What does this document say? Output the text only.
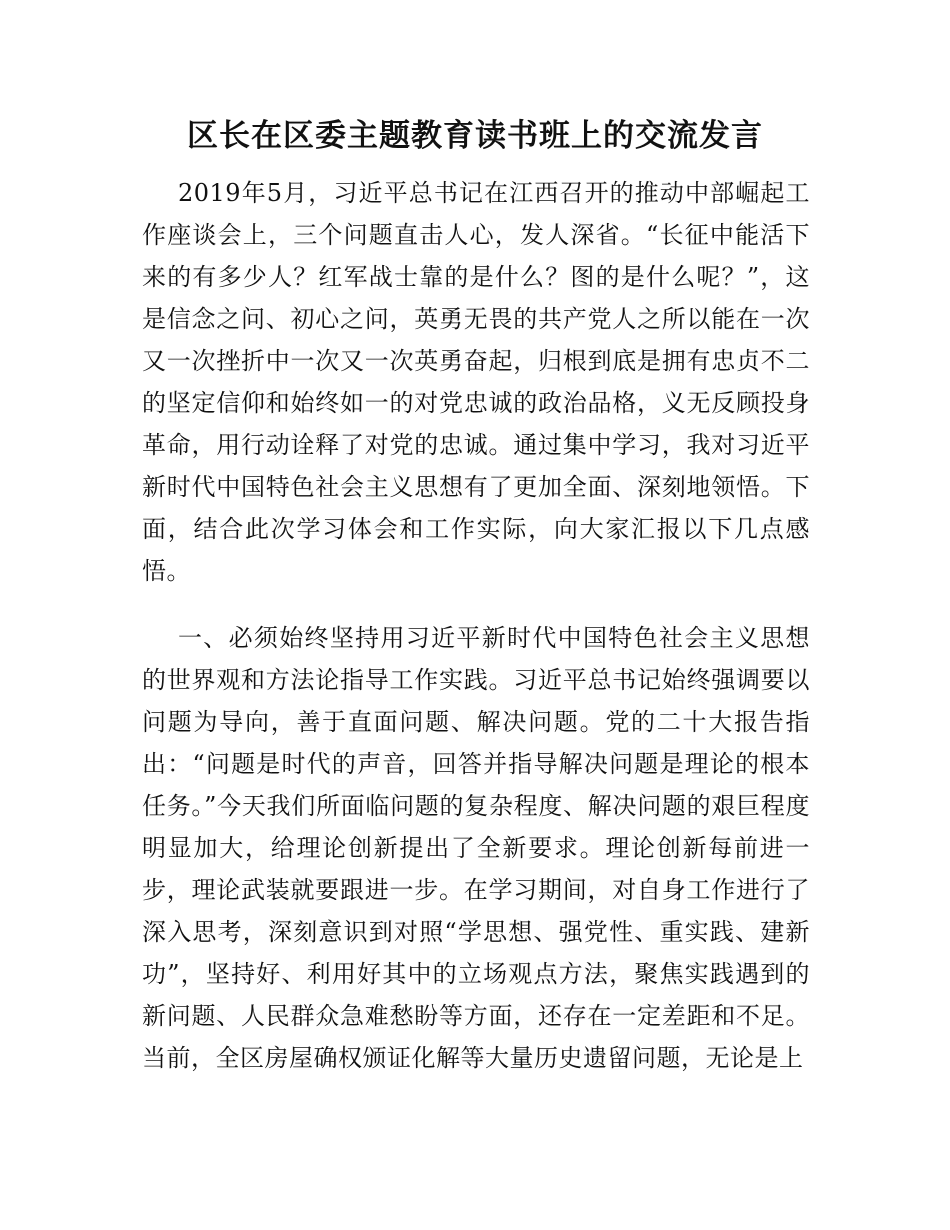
区长在区委主题教育读书班上的交流发言

2019年5月，习近平总书记在江西召开的推动中部崛起工作座谈会上，三个问题直击人心，发人深省。“长征中能活下来的有多少人？红军战士靠的是什么？图的是什么呢？”，这是信念之问、初心之问，英勇无畏的共产党人之所以能在一次又一次挫折中一次又一次英勇奋起，归根到底是拥有忠贞不二的坚定信仰和始终如一的对党忠诚的政治品格，义无反顾投身革命，用行动诠释了对党的忠诚。通过集中学习，我对习近平新时代中国特色社会主义思想有了更加全面、深刻地领悟。下面，结合此次学习体会和工作实际，向大家汇报以下几点感悟。

一、必须始终坚持用习近平新时代中国特色社会主义思想的世界观和方法论指导工作实践。习近平总书记始终强调要以问题为导向，善于直面问题、解决问题。党的二十大报告指出：“问题是时代的声音，回答并指导解决问题是理论的根本任务。”今天我们所面临问题的复杂程度、解决问题的艰巨程度明显加大，给理论创新提出了全新要求。理论创新每前进一步，理论武装就要跟进一步。在学习期间，对自身工作进行了深入思考，深刻意识到对照“学思想、强党性、重实践、建新功”，坚持好、利用好其中的立场观点方法，聚焦实践遇到的新问题、人民群众急难愁盼等方面，还存在一定差距和不足。当前，全区房屋确权颁证化解等大量历史遗留问题，无论是上
